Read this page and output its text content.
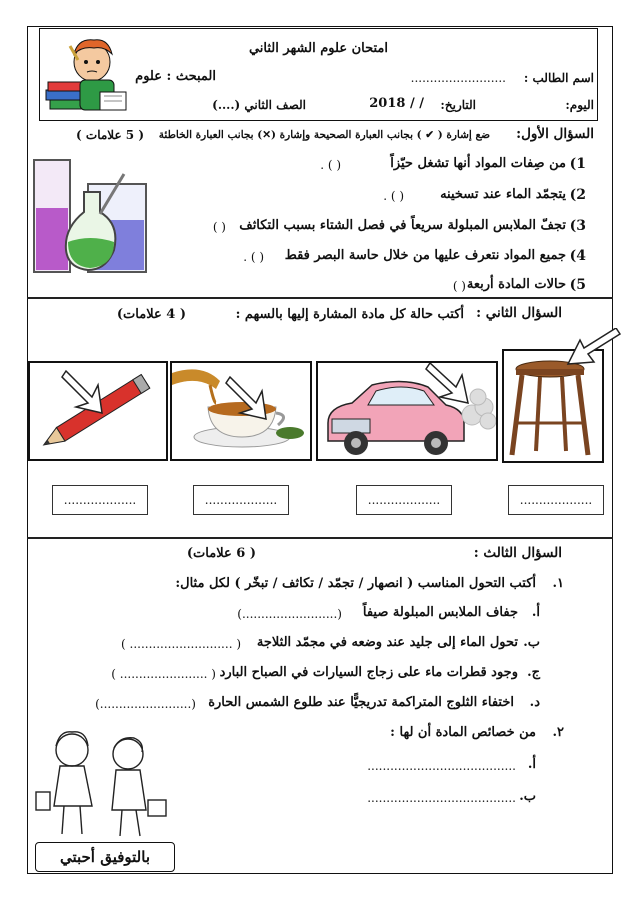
امتحان علوم الشهر الثاني
اسم الطالب :
.........................
المبحث : علوم
اليوم:
التاريخ:
/ / 2018
الصف الثاني (....)
السؤال الأول:
ضع إشارة ( ✔ ) بجانب العبارة الصحيحة وإشارة (✕) بجانب العبارة الخاطئة
( 5 علامات )
1)
من صِفات المواد أنها تشغل حيّزاً
( ) .
2)
يتجمّد الماء عند تسخينه
( ) .
3)
تجفّ الملابس المبلولة سريعاً في فصل الشتاء بسبب التكاثف
( )
4)
جميع المواد نتعرف عليها من خلال حاسة البصر فقط
( ) .
5)
حالات المادة أربعة
( )
السؤال الثاني :
أكتب حالة كل مادة المشارة إليها بالسهم :
( 4 علامات)
...................	...................	...................	...................
السؤال الثالث :
( 6 علامات)
١.
أكتب التحول المناسب ( انصهار / تجمّد / تكاثف / تبخّر ) لكل مثال:
أ.
جفاف الملابس المبلولة صيفاً
(.........................)
ب.
تحول الماء إلى جليد عند وضعه في مجمّد الثلاجة
( ........................... )
ج.
وجود قطرات ماء على زجاج السيارات في الصباح البارد
( ....................... )
د.
اختفاء الثلوج المتراكمة تدريجيًّا عند طلوع الشمس الحارة
(........................)
٢.
من خصائص المادة أن لها :
أ.
.......................................
ب.
.......................................
بالتوفيق أحبتي
